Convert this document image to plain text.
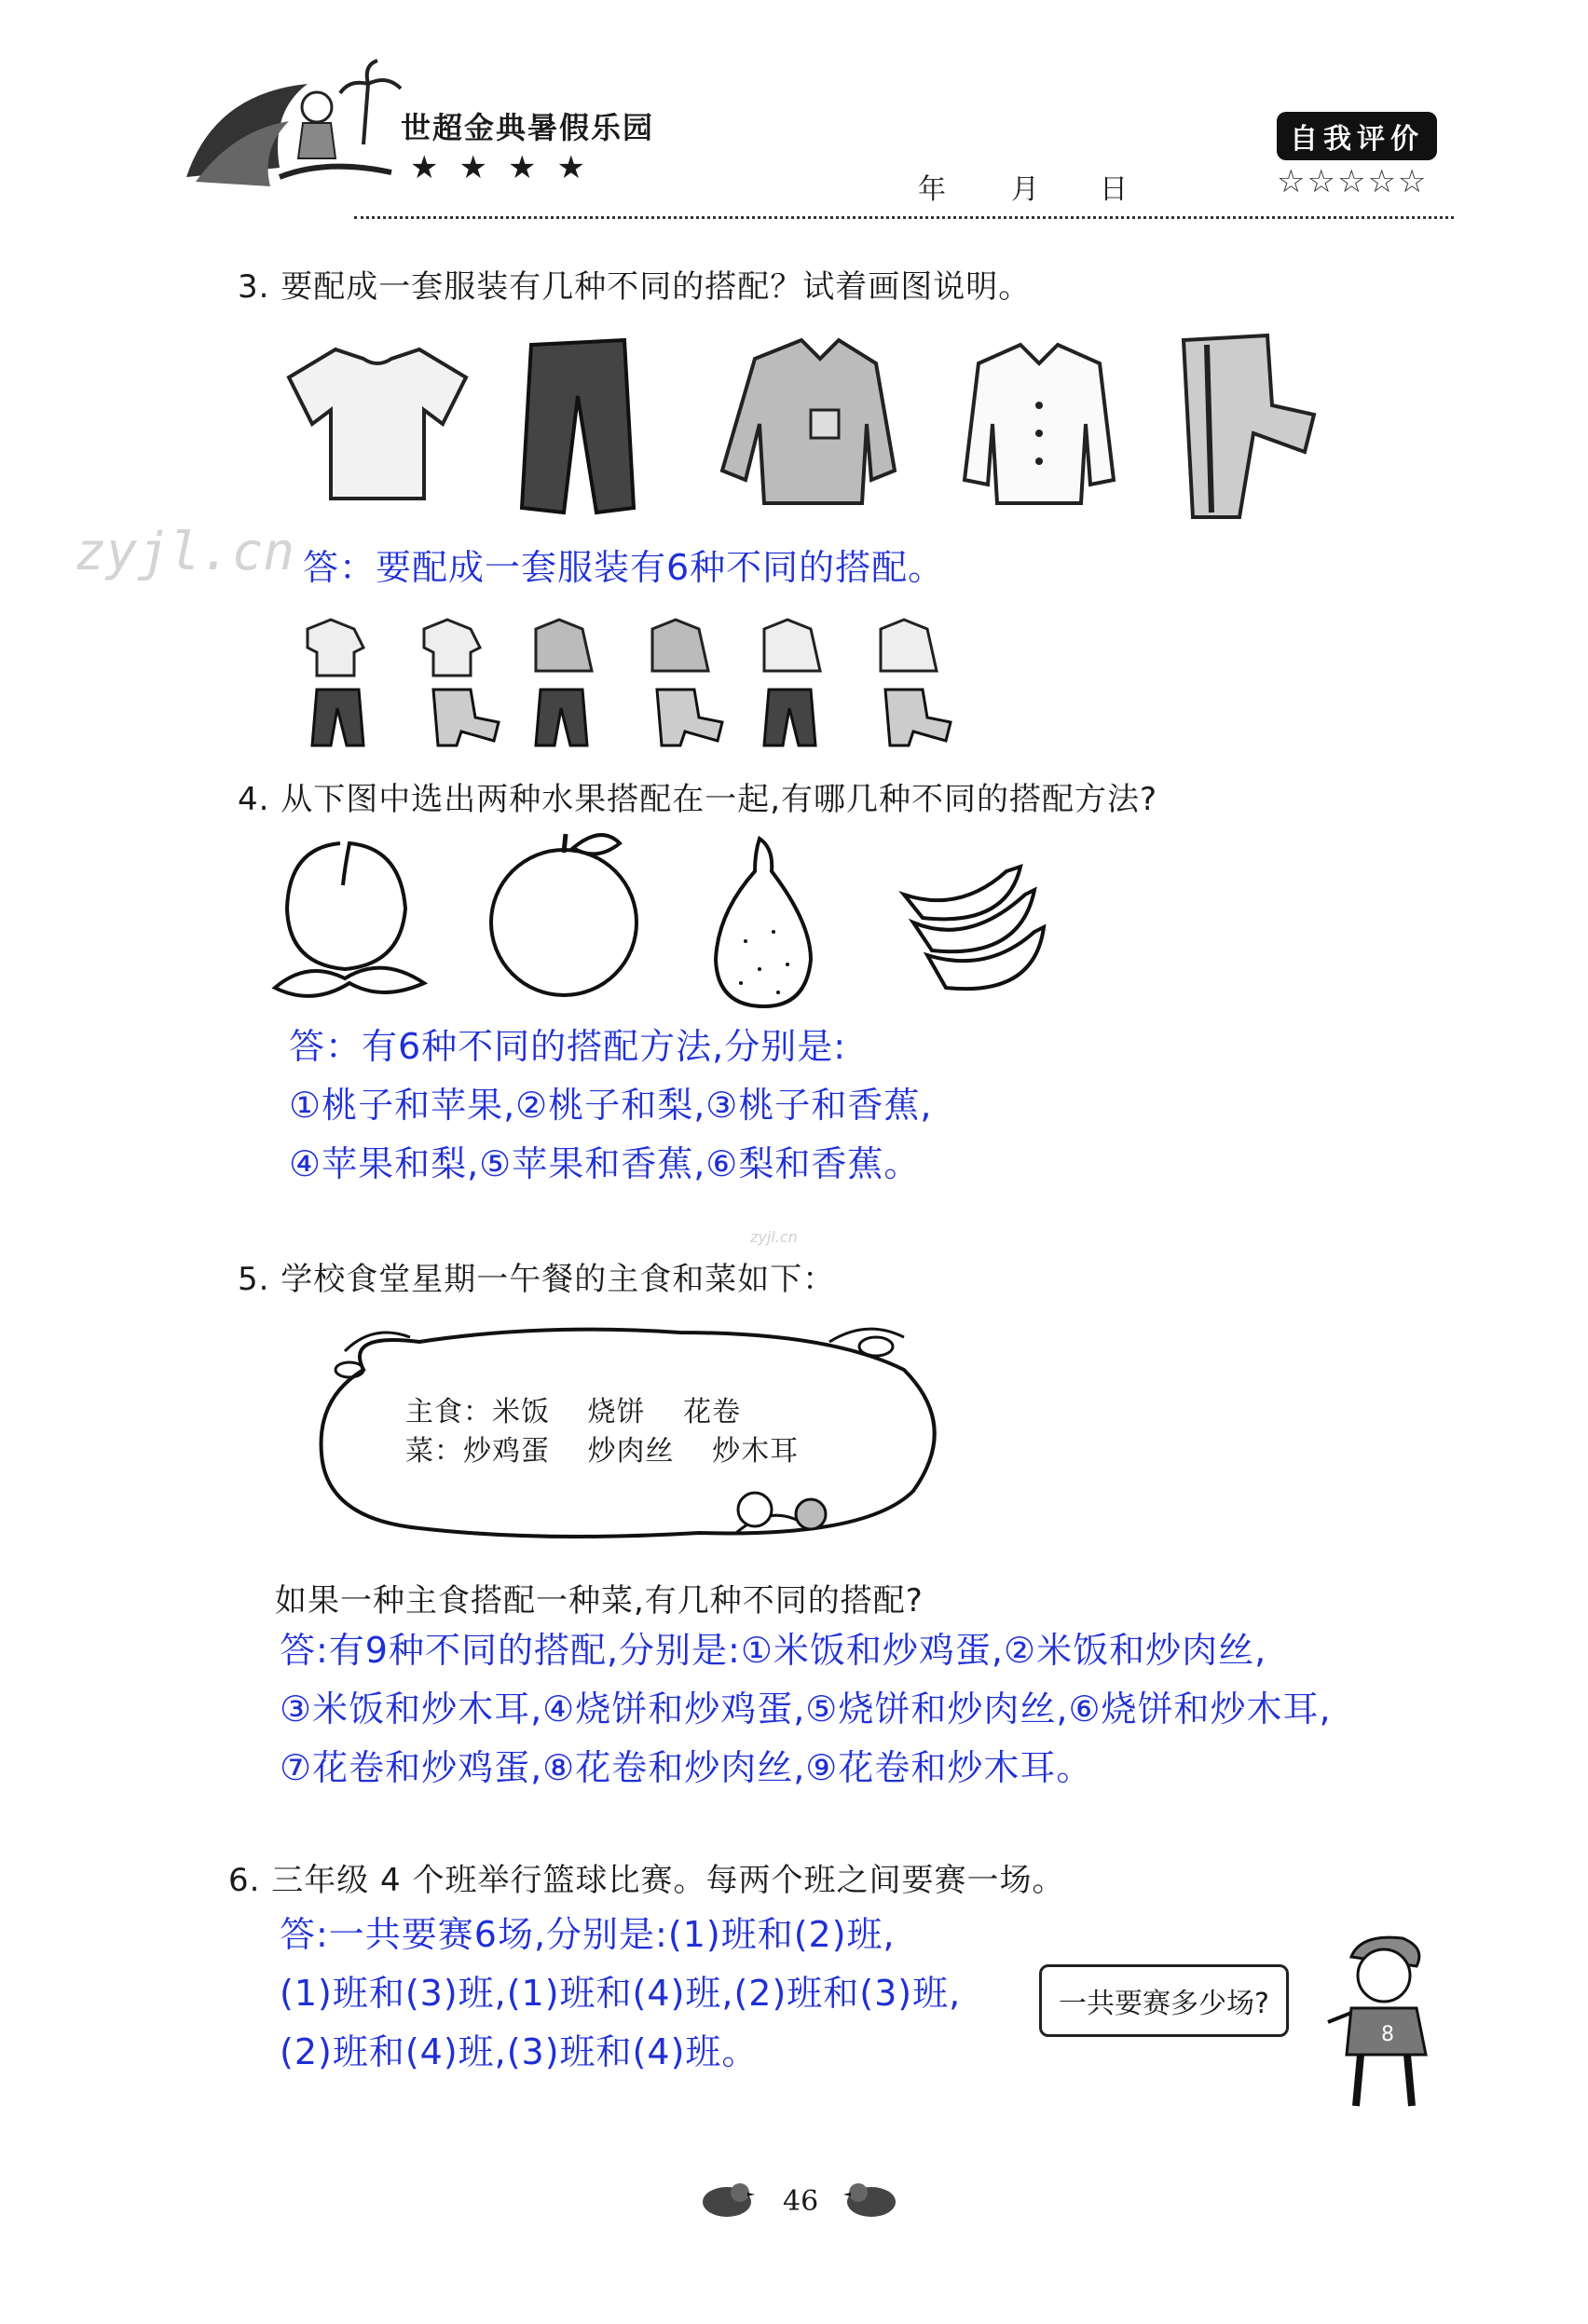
世超金典暑假乐园
★★★★
年 月 日
自我评价
☆☆☆☆☆
3. 要配成一套服装有几种不同的搭配？试着画图说明。
zyjl.cn 答：要配成一套服装有6种不同的搭配。
4. 从下图中选出两种水果搭配在一起,有哪几种不同的搭配方法?
答：有6种不同的搭配方法,分别是:
①桃子和苹果,②桃子和梨,③桃子和香蕉,
④苹果和梨,⑤苹果和香蕉,⑥梨和香蕉。
zyjl.cn
5. 学校食堂星期一午餐的主食和菜如下：
主食：米饭 烧饼 花卷
菜：炒鸡蛋 炒肉丝 炒木耳
如果一种主食搭配一种菜,有几种不同的搭配?
答:有9种不同的搭配,分别是:①米饭和炒鸡蛋,②米饭和炒肉丝,
③米饭和炒木耳,④烧饼和炒鸡蛋,⑤烧饼和炒肉丝,⑥烧饼和炒木耳,
⑦花卷和炒鸡蛋,⑧花卷和炒肉丝,⑨花卷和炒木耳。
6. 三年级 4 个班举行篮球比赛。每两个班之间要赛一场。
答:一共要赛6场,分别是:(1)班和(2)班,
(1)班和(3)班,(1)班和(4)班,(2)班和(3)班,
(2)班和(4)班,(3)班和(4)班。
一共要赛多少场?
8
46
